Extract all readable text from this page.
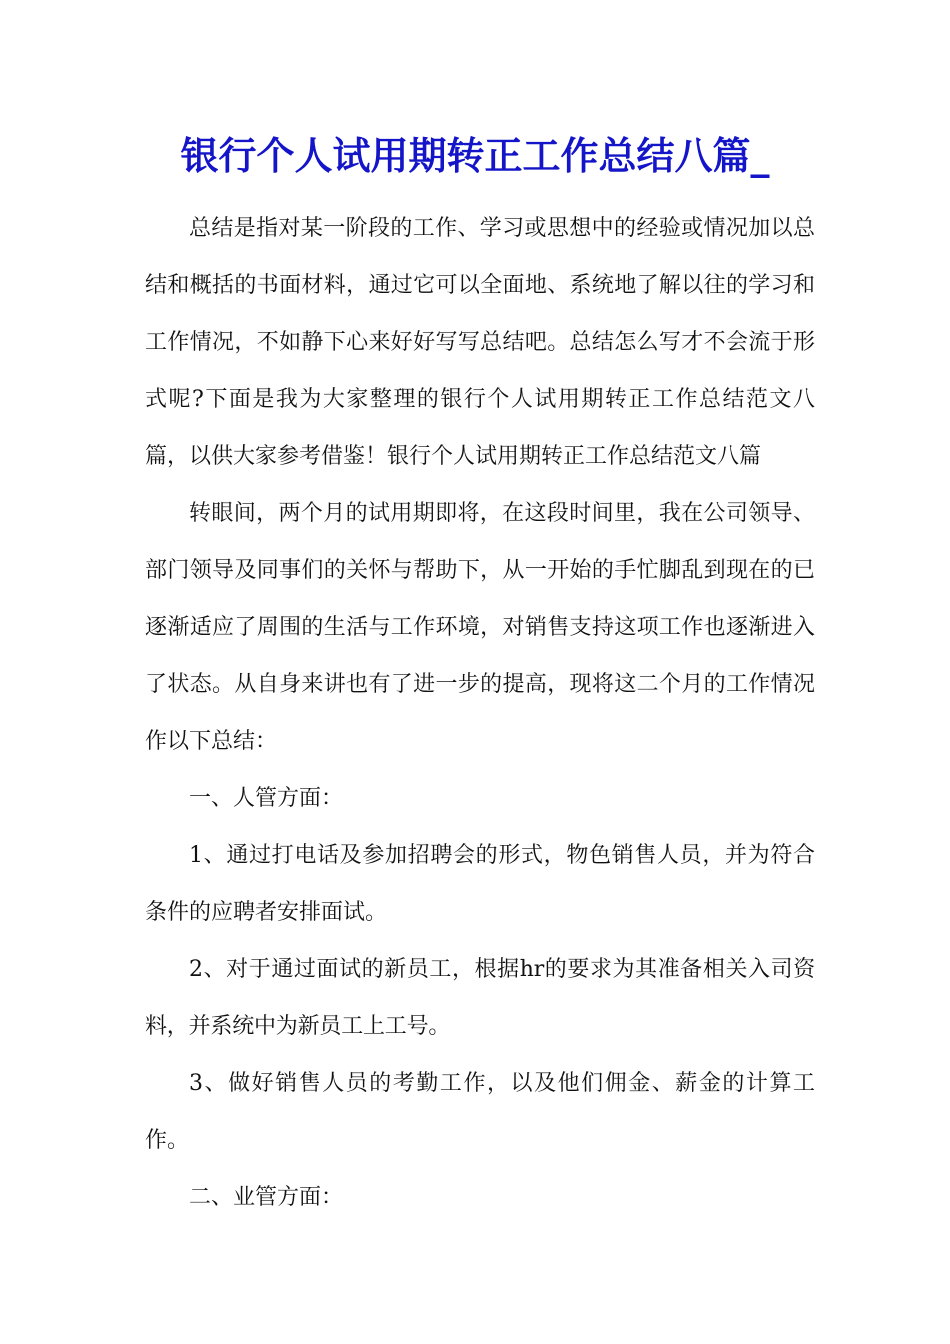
银行个人试用期转正工作总结八篇_

总结是指对某一阶段的工作、学习或思想中的经验或情况加以总结和概括的书面材料，通过它可以全面地、系统地了解以往的学习和工作情况，不如静下心来好好写写总结吧。总结怎么写才不会流于形式呢?下面是我为大家整理的银行个人试用期转正工作总结范文八篇，以供大家参考借鉴！银行个人试用期转正工作总结范文八篇

转眼间，两个月的试用期即将，在这段时间里，我在公司领导、部门领导及同事们的关怀与帮助下，从一开始的手忙脚乱到现在的已逐渐适应了周围的生活与工作环境，对销售支持这项工作也逐渐进入了状态。从自身来讲也有了进一步的提高，现将这二个月的工作情况作以下总结：

一、人管方面：

1、通过打电话及参加招聘会的形式，物色销售人员，并为符合条件的应聘者安排面试。

2、对于通过面试的新员工，根据hr的要求为其准备相关入司资料，并系统中为新员工上工号。

3、做好销售人员的考勤工作，以及他们佣金、薪金的计算工作。

二、业管方面：
